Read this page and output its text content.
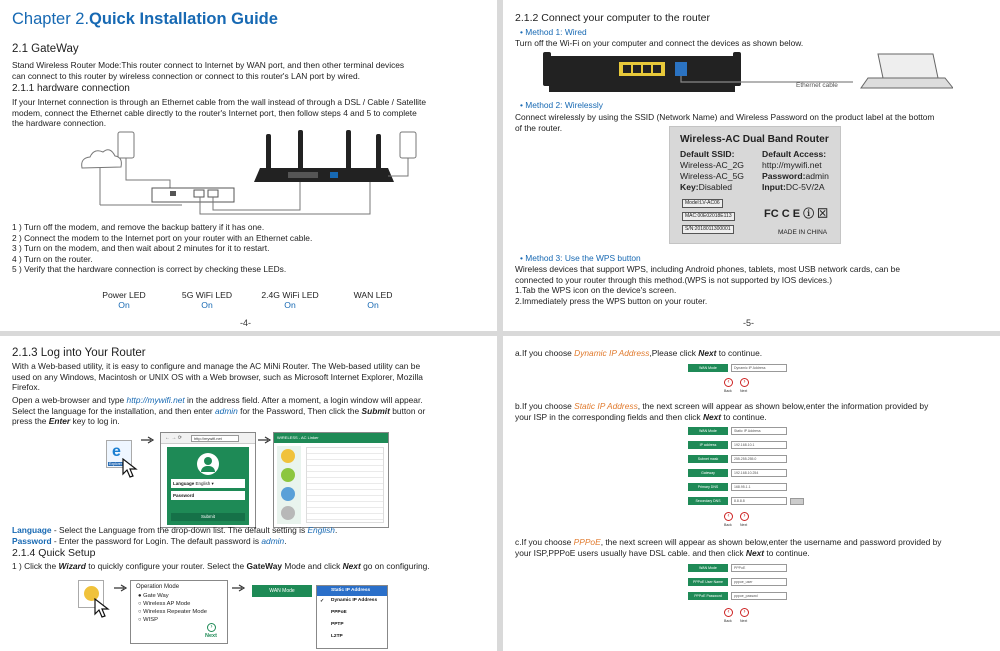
Chapter 2.Quick Installation Guide
2.1 GateWay
Stand Wireless Router Mode:This router connect to Internet by WAN port, and then other terminal devices
can connect to this router by wireless connection or connect to this router's LAN port by wired.
2.1.1 hardware connection
If your Internet connection is through an Ethernet cable from the wall instead of through a DSL / Cable / Satellite
modem, connect the Ethernet cable directly to the router's Internet port, then follow steps 4 and 5 to complete
the hardware connection.
1 ) Turn off the modem, and remove the backup battery if it has one.
2 ) Connect the modem to the Internet port on your router with an Ethernet cable.
3 ) Turn on the modem, and then wait about 2 minutes for it to restart.
4 ) Turn on the router.
5 ) Verify that the hardware connection is correct by checking these LEDs.
Power LED
On
5G WiFi LED
On
2.4G WiFi LED
On
WAN LED
On
-4-
2.1.2 Connect your computer to the router
• Method 1: Wired
Turn off the Wi-Fi on your computer and connect the devices as shown below.
Ethernet cable
• Method 2: Wirelessly
Connect wirelessly by using the SSID (Network Name) and Wireless Password on the product label at the bottom
of the router.
Wireless-AC Dual Band Router
Default SSID:
Wireless-AC_2G
Wireless-AC_5G
Key:Disabled
Default Access:
http://mywifi.net
Password:admin
Input:DC-5V/2A
Model:LV-AC06
MAC:00E02018E113
S/N:2018011300001
FC C E ⓘ ⊠
MADE IN CHINA
• Method 3: Use the WPS button
Wireless devices that support WPS, including Android phones, tablets, most USB network cards, can be
connected to your router through this method.(WPS is not supported by IOS devices.)
1.Tab the WPS icon on the device's screen.
2.Immediately press the WPS button on your router.
-5-
2.1.3 Log into Your Router
With a Web-based utility, it is easy to configure and manage the AC MiNi Router. The Web-based utility can be
used on any Windows, Macintosh or UNIX OS with a Web browser, such as Microsoft Internet Explorer, Mozilla
Firefox.
Open a web-browser and type http://mywifi.net in the address field. After a moment, a login window will appear.
Select the language for the installation, and then enter admin for the Password, Then click the Submit button or
press the Enter key to log in.
e
Explorer
← → ⟳	http://mywifi.net
Language English ▾
Password
Submit
WIRELESS - AC Linker
Language - Select the Language from the drop-down list. The default setting is English.
Password - Enter the password for Login. The default password is admin.
2.1.4 Quick Setup
1 ) Click the Wizard to quickly configure your router. Select the GateWay Mode and click Next go on configuring.
Operation Mode
● Gate Way
○ Wireless AP Mode
○ Wireless Repeater Mode
○ WISP
Next
›
WAN Mode	Static IP Address
✓ Dynamic IP Address
PPPoE
PPTP
L2TP
a.If you choose Dynamic IP Address,Please click Next to continue.
WAN Mode	Dynamic IP Address
‹	›
Back Next
b.If you choose Static IP Address, the next screen will appear as shown below,enter the information provided by
your ISP in the corresponding fields and then click Next to continue.
WAN Mode	Static IP Address
IP address	192.168.10.1
Subnet mask	255.255.255.0
Gateway	192.168.10.254
Primary DNS	168.95.1.1
Secondary DNS	8.8.8.8
‹	›
Back Next
c.If you choose PPPoE, the next screen will appear as shown below,enter the username and password provided by
your ISP,PPPoE users usually have DSL cable. and then click Next to continue.
WAN Mode	PPPoE
PPPoE User Name	pppoe_user
PPPoE Password	pppoe_passwd
‹	›
Back Next
